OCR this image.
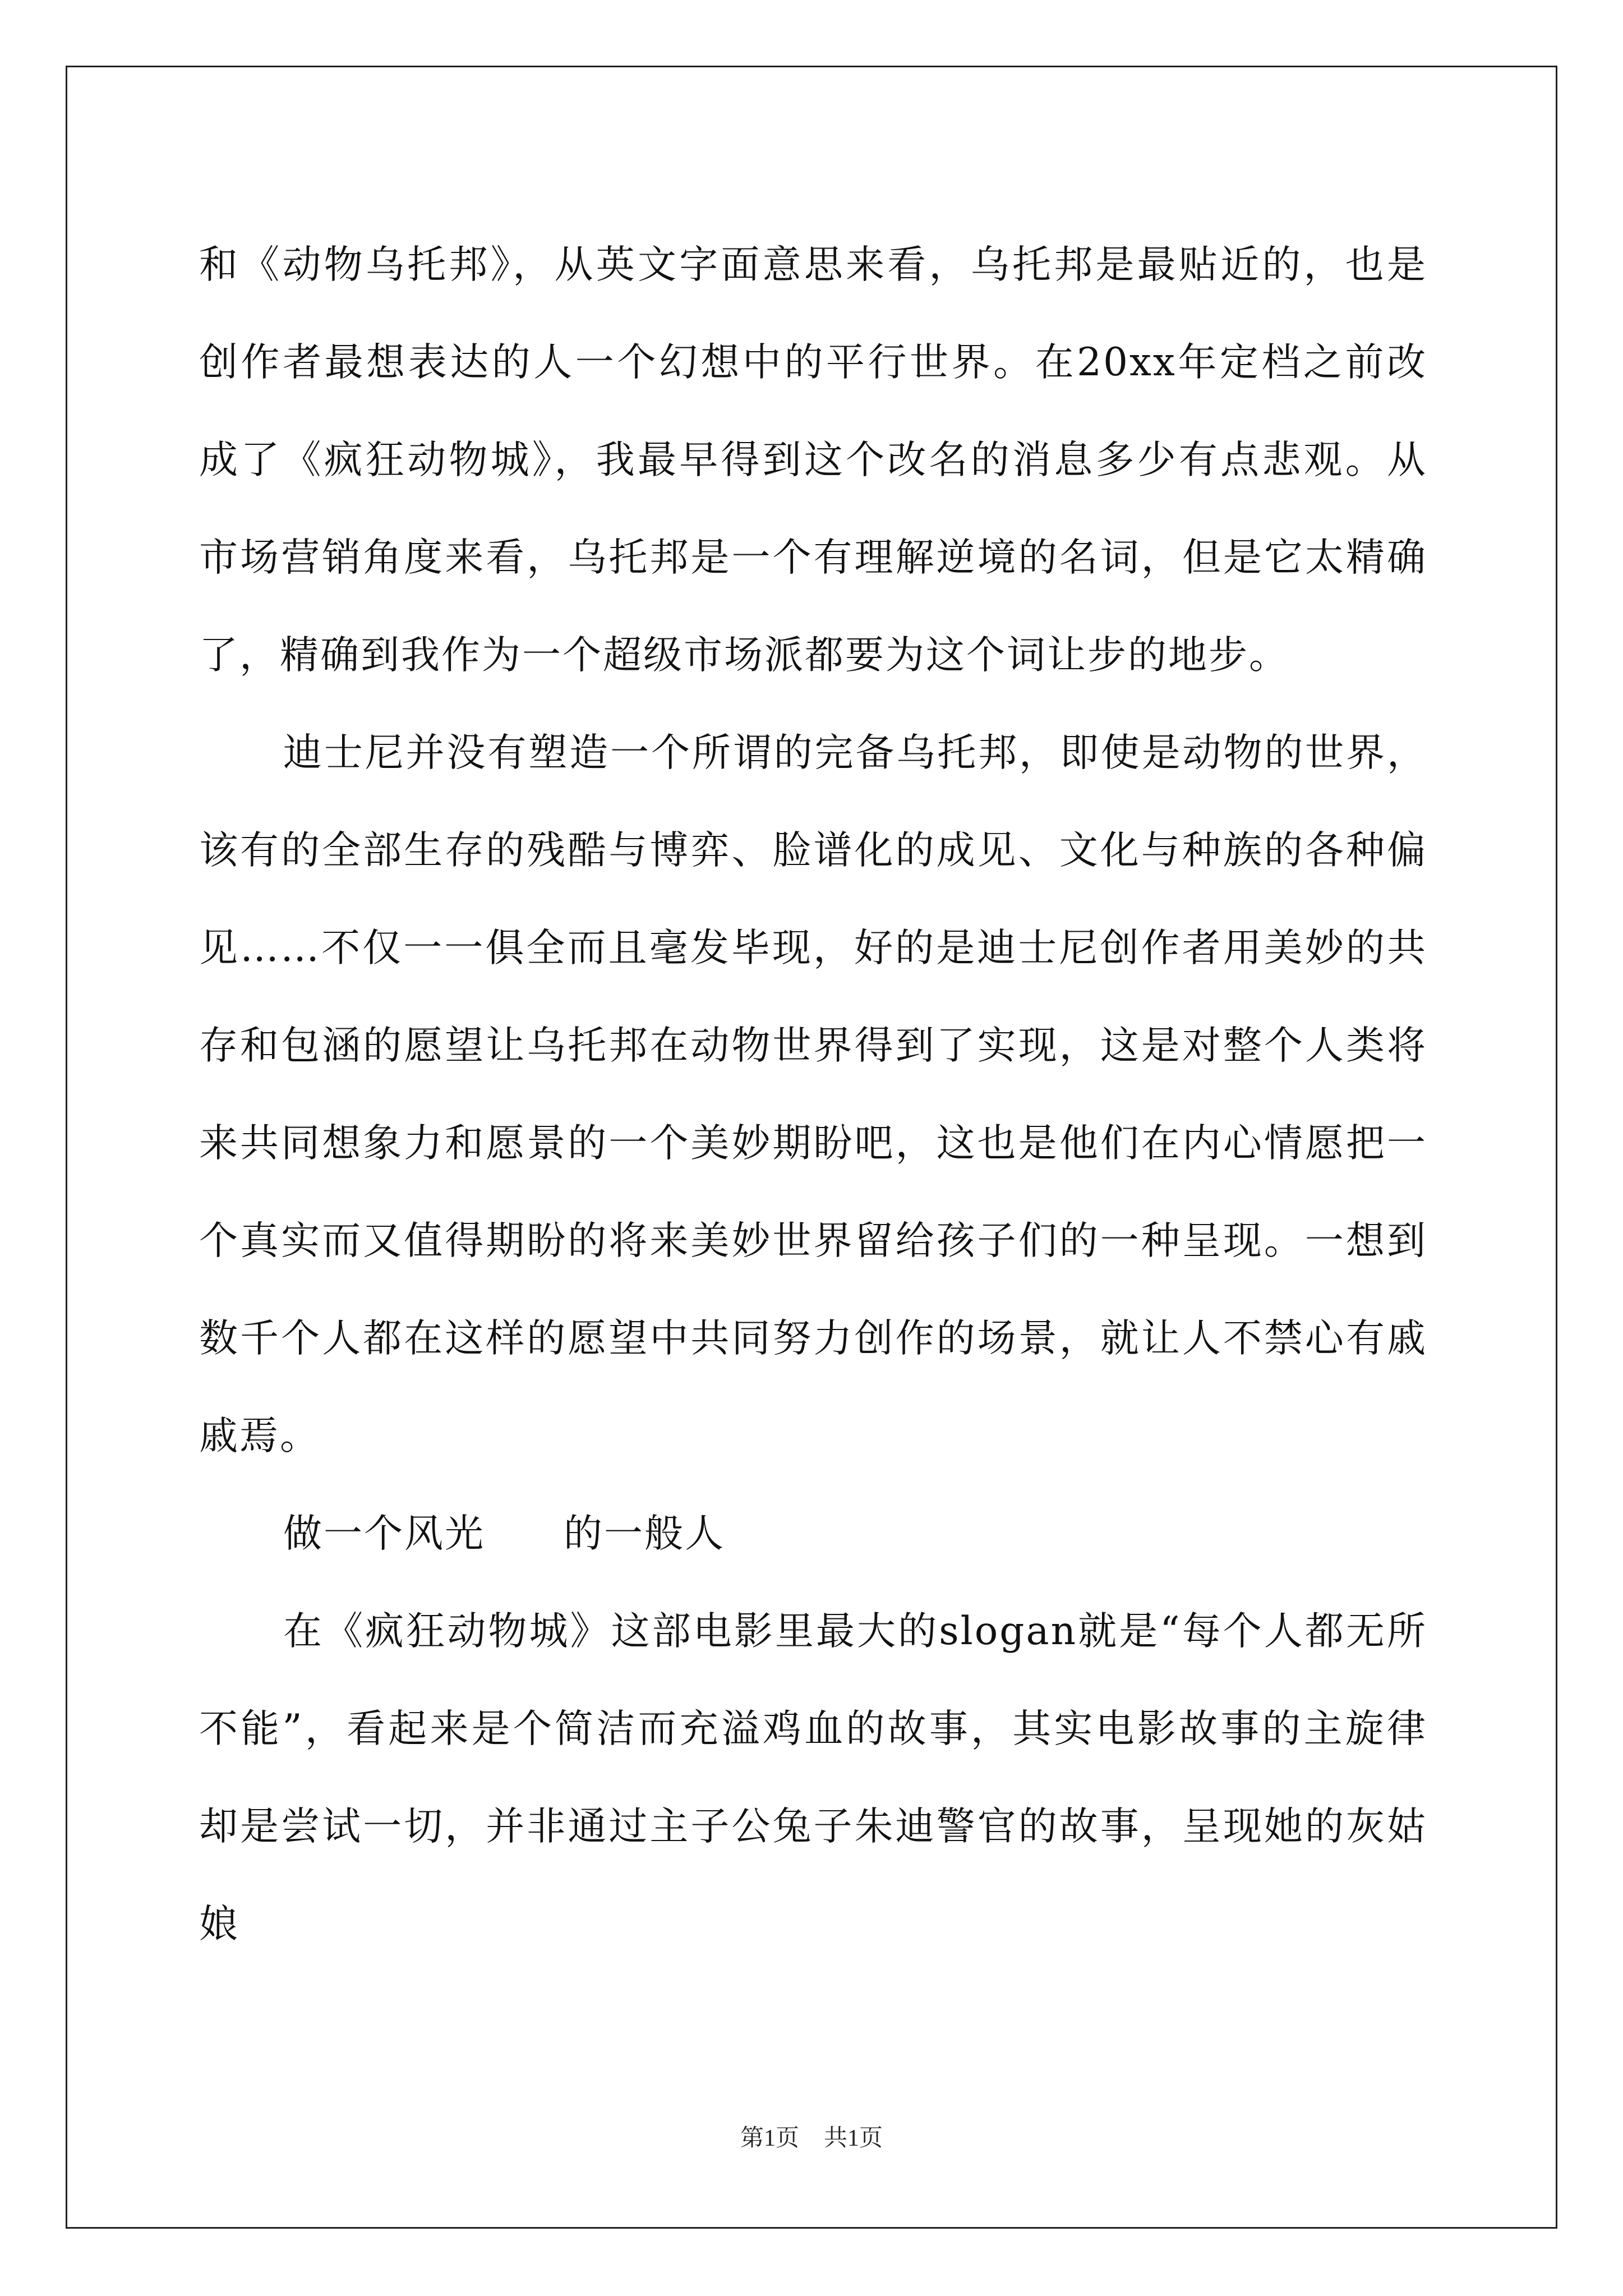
和《动物乌托邦》，从英文字面意思来看，乌托邦是最贴近的，也是创作者最想表达的人一个幻想中的平行世界。在20xx年定档之前改成了《疯狂动物城》，我最早得到这个改名的消息多少有点悲观。从市场营销角度来看，乌托邦是一个有理解逆境的名词，但是它太精确了，精确到我作为一个超级市场派都要为这个词让步的地步。

迪士尼并没有塑造一个所谓的完备乌托邦，即使是动物的世界，该有的全部生存的残酷与博弈、脸谱化的成见、文化与种族的各种偏见……不仅一一俱全而且毫发毕现，好的是迪士尼创作者用美妙的共存和包涵的愿望让乌托邦在动物世界得到了实现，这是对整个人类将来共同想象力和愿景的一个美妙期盼吧，这也是他们在内心情愿把一个真实而又值得期盼的将来美妙世界留给孩子们的一种呈现。一想到数千个人都在这样的愿望中共同努力创作的场景，就让人不禁心有戚戚焉。

做一个风光 的一般人

在《疯狂动物城》这部电影里最大的slogan就是“每个人都无所不能”，看起来是个简洁而充溢鸡血的故事，其实电影故事的主旋律却是尝试一切，并非通过主子公兔子朱迪警官的故事，呈现她的灰姑娘

第1页 共1页
